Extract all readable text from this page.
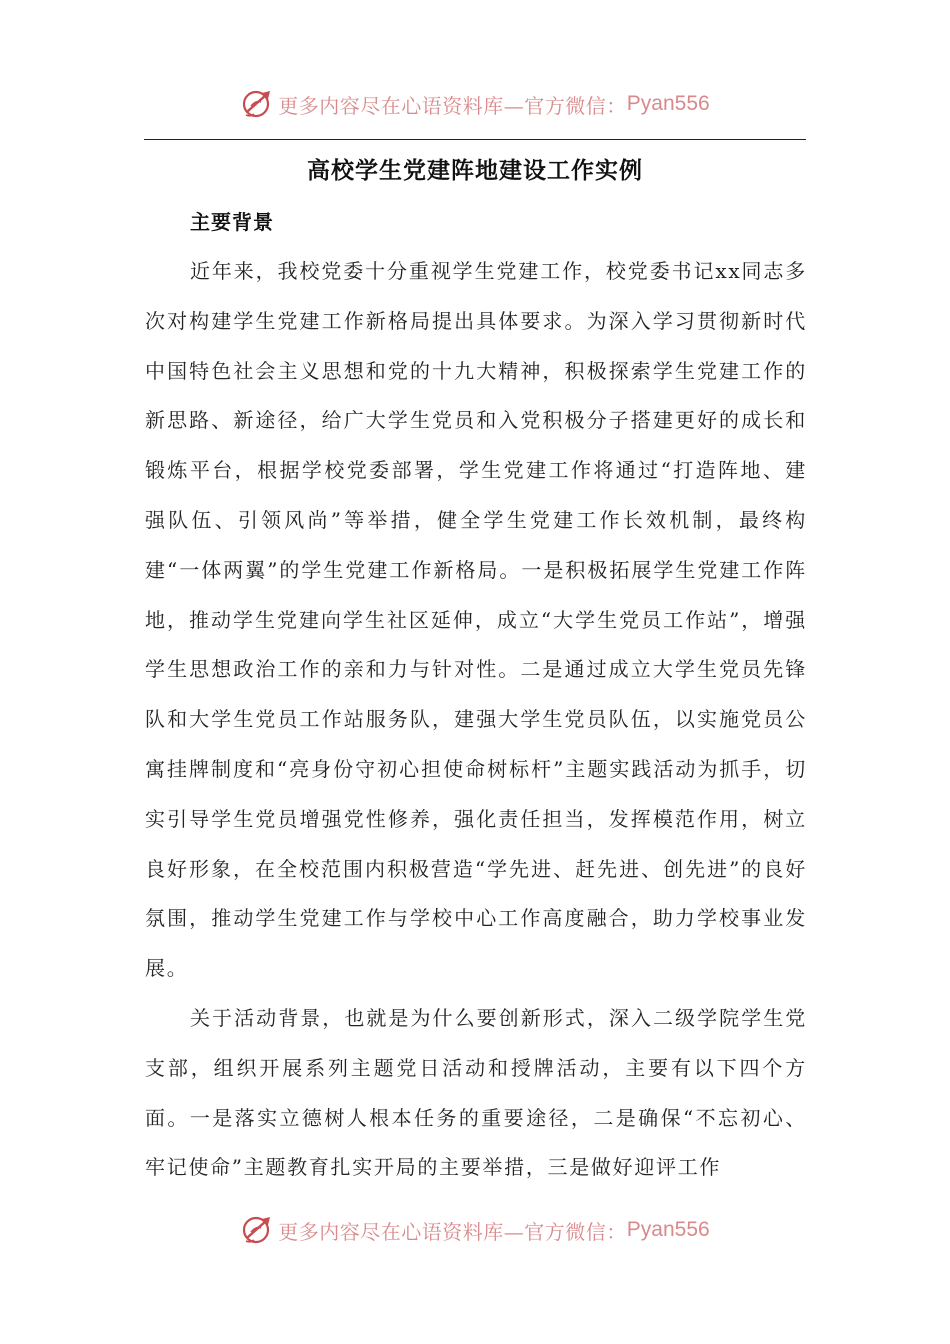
更多内容尽在心语资料库—官方微信： Pyan556
高校学生党建阵地建设工作实例
主要背景

近年来，我校党委十分重视学生党建工作，校党委书记xx同志多次对构建学生党建工作新格局提出具体要求。为深入学习贯彻新时代中国特色社会主义思想和党的十九大精神，积极探索学生党建工作的新思路、新途径，给广大学生党员和入党积极分子搭建更好的成长和锻炼平台，根据学校党委部署，学生党建工作将通过“打造阵地、建强队伍、引领风尚”等举措，健全学生党建工作长效机制，最终构建“一体两翼”的学生党建工作新格局。一是积极拓展学生党建工作阵地，推动学生党建向学生社区延伸，成立“大学生党员工作站”，增强学生思想政治工作的亲和力与针对性。二是通过成立大学生党员先锋队和大学生党员工作站服务队，建强大学生党员队伍，以实施党员公寓挂牌制度和“亮身份守初心担使命树标杆”主题实践活动为抓手，切实引导学生党员增强党性修养，强化责任担当，发挥模范作用，树立良好形象，在全校范围内积极营造“学先进、赶先进、创先进”的良好氛围，推动学生党建工作与学校中心工作高度融合，助力学校事业发展。

关于活动背景，也就是为什么要创新形式，深入二级学院学生党支部，组织开展系列主题党日活动和授牌活动，主要有以下四个方面。一是落实立德树人根本任务的重要途径，二是确保“不忘初心、牢记使命”主题教育扎实开局的主要举措，三是做好迎评工作

更多内容尽在心语资料库—官方微信： Pyan556
